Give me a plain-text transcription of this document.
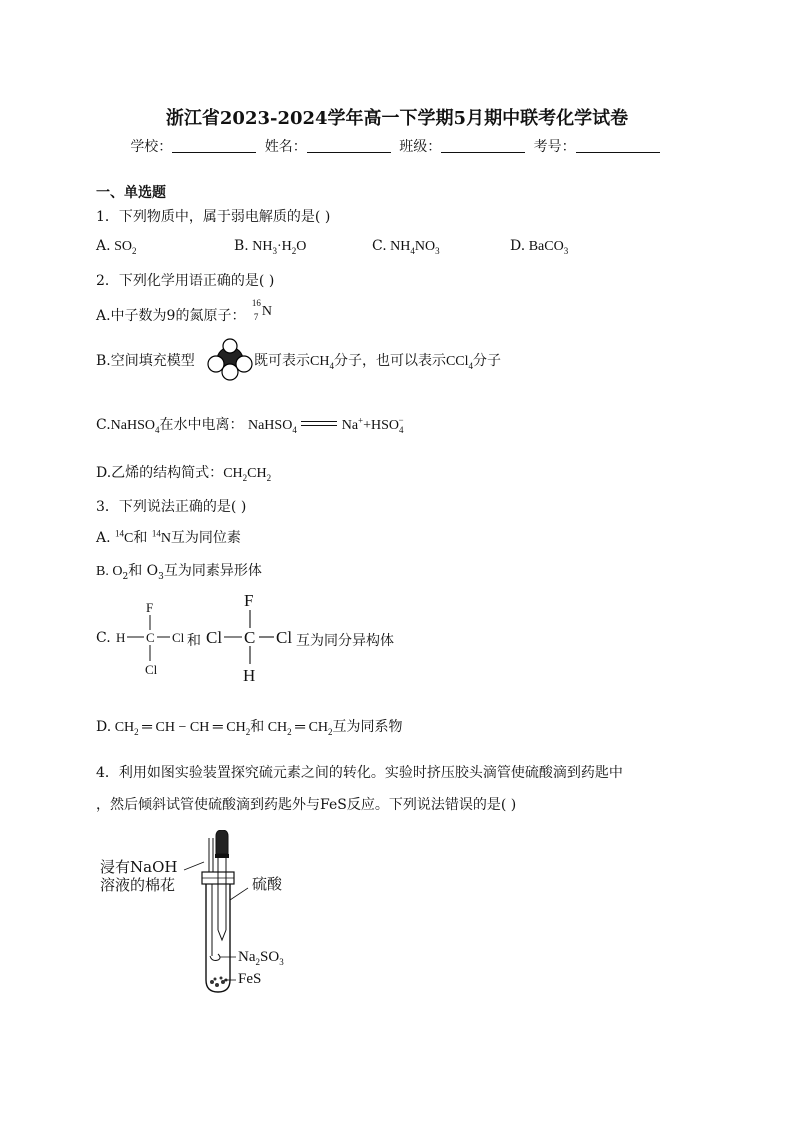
浙江省2023-2024学年高一下学期5月期中联考化学试卷
学校：	姓名：	班级：	考号：
一、单选题
1．下列物质中，属于弱电解质的是( )
A. $SO_2$	B. $NH_3\cdot H_2O$	C. $NH_4NO_3$	D. BaCO$_3$
2．下列化学用语正确的是( )
A.中子数为9的氮原子：
16
7 N
B.空间填充模型	既可表示$CH_4$分子，也可以表示CCl$_4$分子
C.NaHSO$_4$在水中电离： NaHSO$_4$	$Na^++HSO_4^-$
D.乙烯的结构简式：$CH_2CH_2$
3．下列说法正确的是( )
A. $^{14}$C和 $^{14}$N互为同位素
B. $O_2$和 $O_3$互为同素异形体
C.
F
H C Cl
Cl
和
F
Cl C Cl
H
互为同分异构体
D. $CH_2$ ═ CH − CH ═ $CH_2$和 $CH_2$ ═ $CH_2$互为同系物
4．利用如图实验装置探究硫元素之间的转化。实验时挤压胶头滴管使硫酸滴到药匙中
，然后倾斜试管使硫酸滴到药匙外与FeS反应。下列说法错误的是( )
浸有NaOH
溶液的棉花	硫酸
$Na_2SO_3$
FeS
